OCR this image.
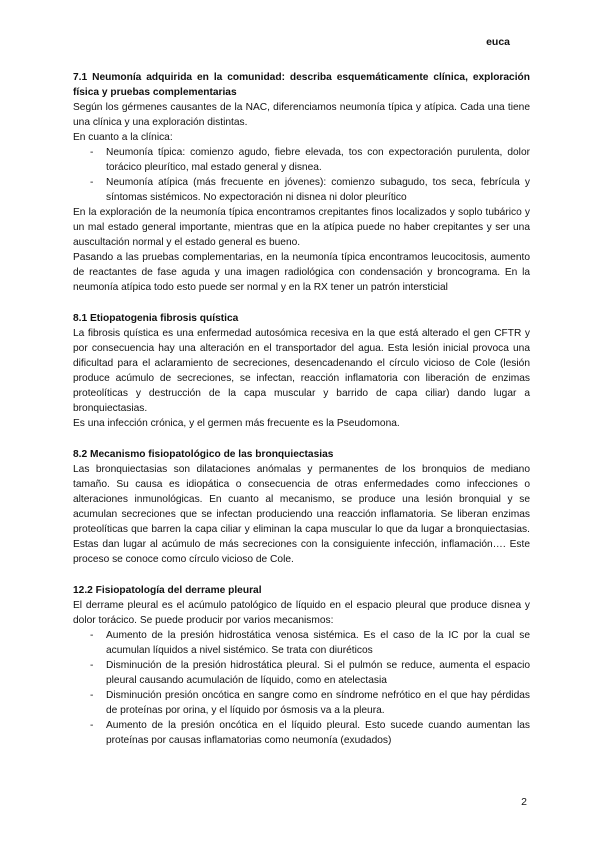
euca
7.1 Neumonía adquirida en la comunidad: describa esquemáticamente clínica, exploración física y pruebas complementarias

Según los gérmenes causantes de la NAC, diferenciamos neumonía típica y atípica. Cada una tiene una clínica y una exploración distintas.

En cuanto a la clínica:

- Neumonía típica: comienzo agudo, fiebre elevada, tos con expectoración purulenta, dolor torácico pleurítico, mal estado general y disnea.
- Neumonía atípica (más frecuente en jóvenes): comienzo subagudo, tos seca, febrícula y síntomas sistémicos. No expectoración ni disnea ni dolor pleurítico

En la exploración de la neumonía típica encontramos crepitantes finos localizados y soplo tubárico y un mal estado general importante, mientras que en la atípica puede no haber crepitantes y ser una auscultación normal y el estado general es bueno.

Pasando a las pruebas complementarias, en la neumonía típica encontramos leucocitosis, aumento de reactantes de fase aguda y una imagen radiológica con condensación y broncograma. En la neumonía atípica todo esto puede ser normal y en la RX tener un patrón intersticial

8.1 Etiopatogenia fibrosis quística

La fibrosis quística es una enfermedad autosómica recesiva en la que está alterado el gen CFTR y por consecuencia hay una alteración en el transportador del agua. Esta lesión inicial provoca una dificultad para el aclaramiento de secreciones, desencadenando el círculo vicioso de Cole (lesión produce acúmulo de secreciones, se infectan, reacción inflamatoria con liberación de enzimas proteolíticas y destrucción de la capa muscular y barrido de capa ciliar) dando lugar a bronquiectasias.

Es una infección crónica, y el germen más frecuente es la Pseudomona.

8.2 Mecanismo fisiopatológico de las bronquiectasias

Las bronquiectasias son dilataciones anómalas y permanentes de los bronquios de mediano tamaño. Su causa es idiopática o consecuencia de otras enfermedades como infecciones o alteraciones inmunológicas. En cuanto al mecanismo, se produce una lesión bronquial y se acumulan secreciones que se infectan produciendo una reacción inflamatoria. Se liberan enzimas proteolíticas que barren la capa ciliar y eliminan la capa muscular lo que da lugar a bronquiectasias. Estas dan lugar al acúmulo de más secreciones con la consiguiente infección, inflamación…. Este proceso se conoce como círculo vicioso de Cole.

12.2 Fisiopatología del derrame pleural

El derrame pleural es el acúmulo patológico de líquido en el espacio pleural que produce disnea y dolor torácico. Se puede producir por varios mecanismos:

- Aumento de la presión hidrostática venosa sistémica. Es el caso de la IC por la cual se acumulan líquidos a nivel sistémico. Se trata con diuréticos
- Disminución de la presión hidrostática pleural. Si el pulmón se reduce, aumenta el espacio pleural causando acumulación de líquido, como en atelectasia
- Disminución presión oncótica en sangre como en síndrome nefrótico en el que hay pérdidas de proteínas por orina, y el líquido por ósmosis va a la pleura.
- Aumento de la presión oncótica en el líquido pleural. Esto sucede cuando aumentan las proteínas por causas inflamatorias como neumonía (exudados)
2
